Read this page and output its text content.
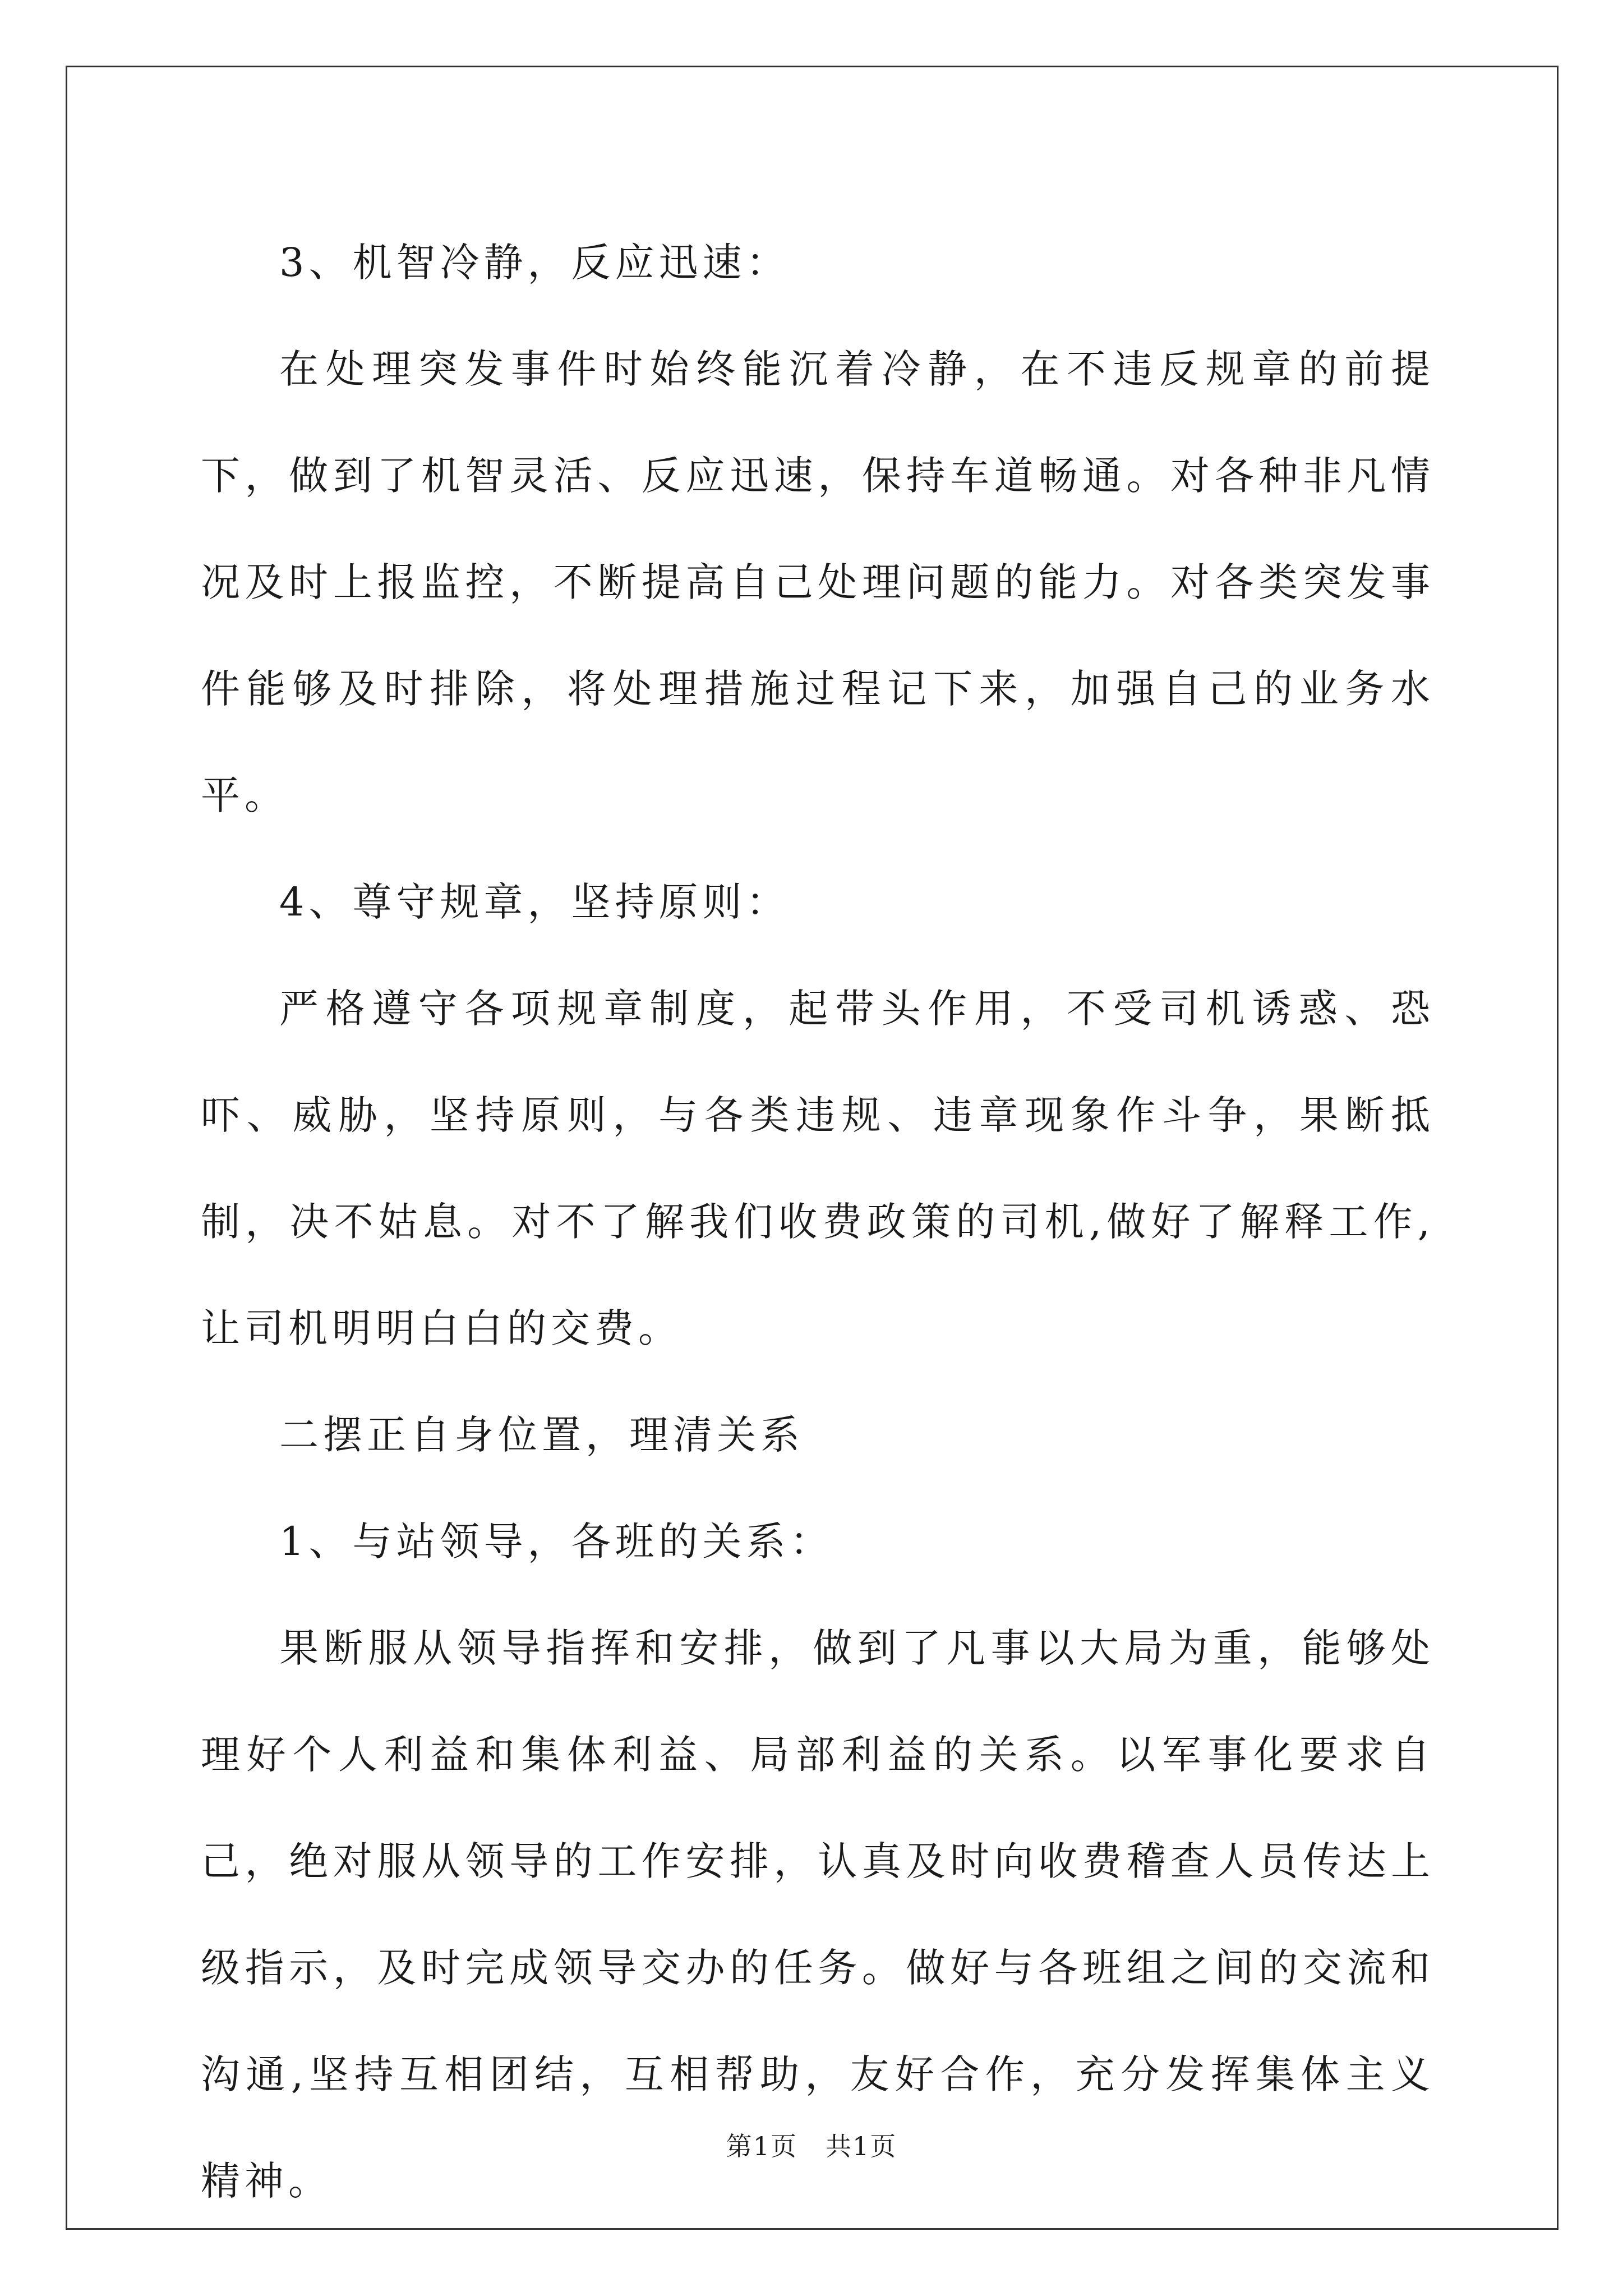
3、机智冷静，反应迅速：

在处理突发事件时始终能沉着冷静，在不违反规章的前提下，做到了机智灵活、反应迅速，保持车道畅通。对各种非凡情况及时上报监控，不断提高自己处理问题的能力。对各类突发事件能够及时排除，将处理措施过程记下来，加强自己的业务水平。

4、尊守规章，坚持原则：

严格遵守各项规章制度，起带头作用，不受司机诱惑、恐吓、威胁，坚持原则，与各类违规、违章现象作斗争，果断抵制，决不姑息。对不了解我们收费政策的司机,做好了解释工作,让司机明明白白的交费。

二摆正自身位置，理清关系

1、与站领导，各班的关系：

果断服从领导指挥和安排，做到了凡事以大局为重，能够处理好个人利益和集体利益、局部利益的关系。以军事化要求自己，绝对服从领导的工作安排，认真及时向收费稽查人员传达上级指示，及时完成领导交办的任务。做好与各班组之间的交流和沟通,坚持互相团结，互相帮助，友好合作，充分发挥集体主义精神。

第1页 共1页
